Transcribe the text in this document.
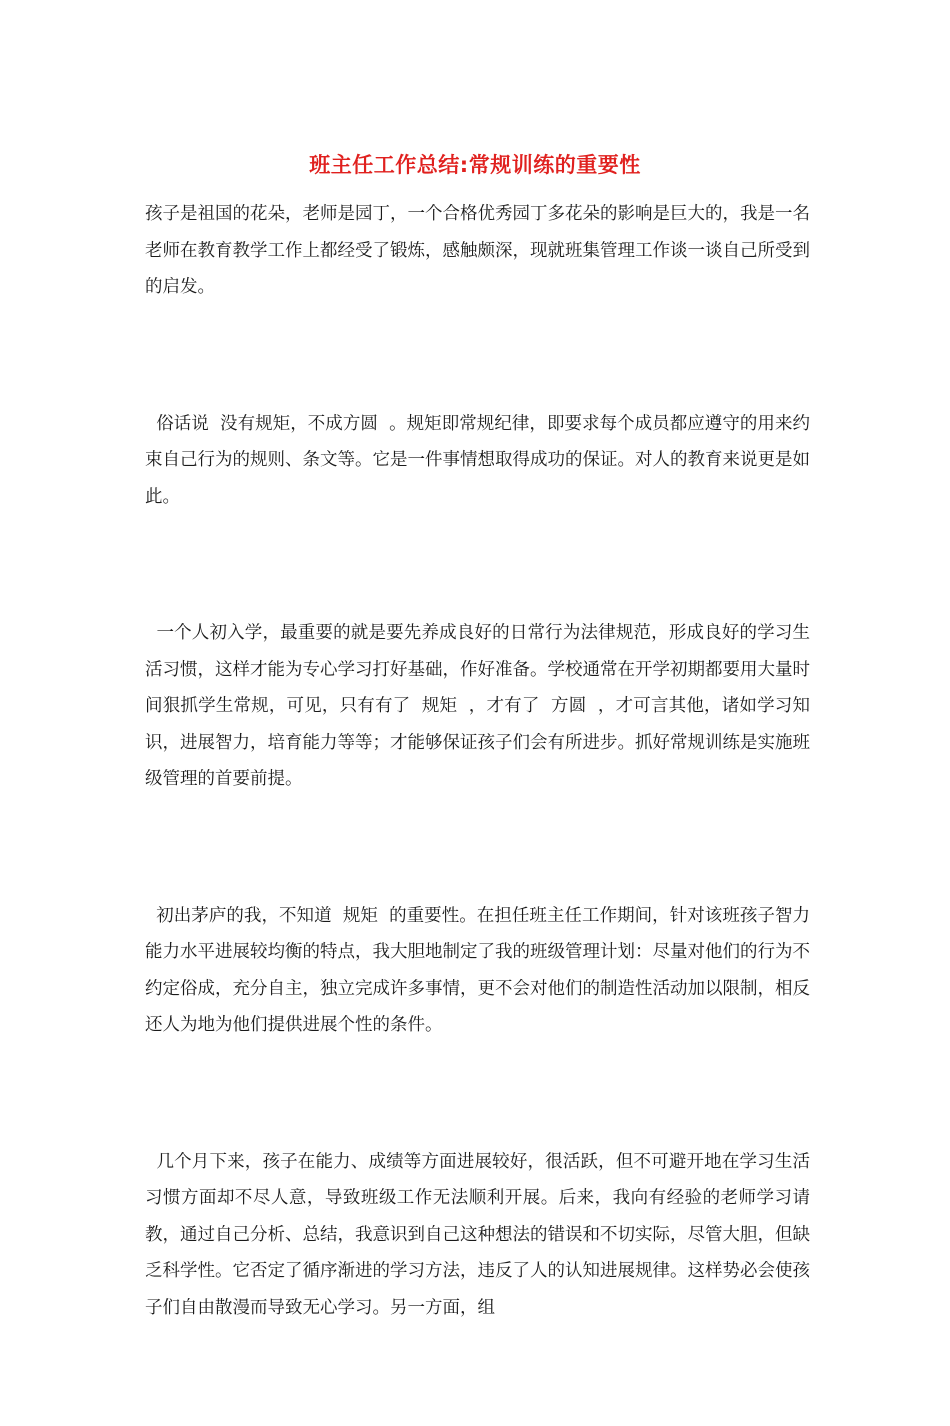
班主任工作总结:常规训练的重要性

孩子是祖国的花朵，老师是园丁，一个合格优秀园丁多花朵的影响是巨大的，我是一名老师在教育教学工作上都经受了锻炼，感触颇深，现就班集管理工作谈一谈自己所受到的启发。

俗话说  没有规矩，不成方圆  。规矩即常规纪律，即要求每个成员都应遵守的用来约束自己行为的规则、条文等。它是一件事情想取得成功的保证。对人的教育来说更是如此。

一个人初入学，最重要的就是要先养成良好的日常行为法律规范，形成良好的学习生活习惯，这样才能为专心学习打好基础，作好准备。学校通常在开学初期都要用大量时间狠抓学生常规，可见，只有有了  规矩  ，才有了  方圆  ，才可言其他，诸如学习知识，进展智力，培育能力等等；才能够保证孩子们会有所进步。抓好常规训练是实施班级管理的首要前提。

初出茅庐的我，不知道  规矩  的重要性。在担任班主任工作期间，针对该班孩子智力能力水平进展较均衡的特点，我大胆地制定了我的班级管理计划：尽量对他们的行为不约定俗成，充分自主，独立完成许多事情，更不会对他们的制造性活动加以限制，相反还人为地为他们提供进展个性的条件。

几个月下来，孩子在能力、成绩等方面进展较好，很活跃，但不可避开地在学习生活习惯方面却不尽人意，导致班级工作无法顺利开展。后来，我向有经验的老师学习请教，通过自己分析、总结，我意识到自己这种想法的错误和不切实际，尽管大胆，但缺乏科学性。它否定了循序渐进的学习方法，违反了人的认知进展规律。这样势必会使孩子们自由散漫而导致无心学习。另一方面，组
